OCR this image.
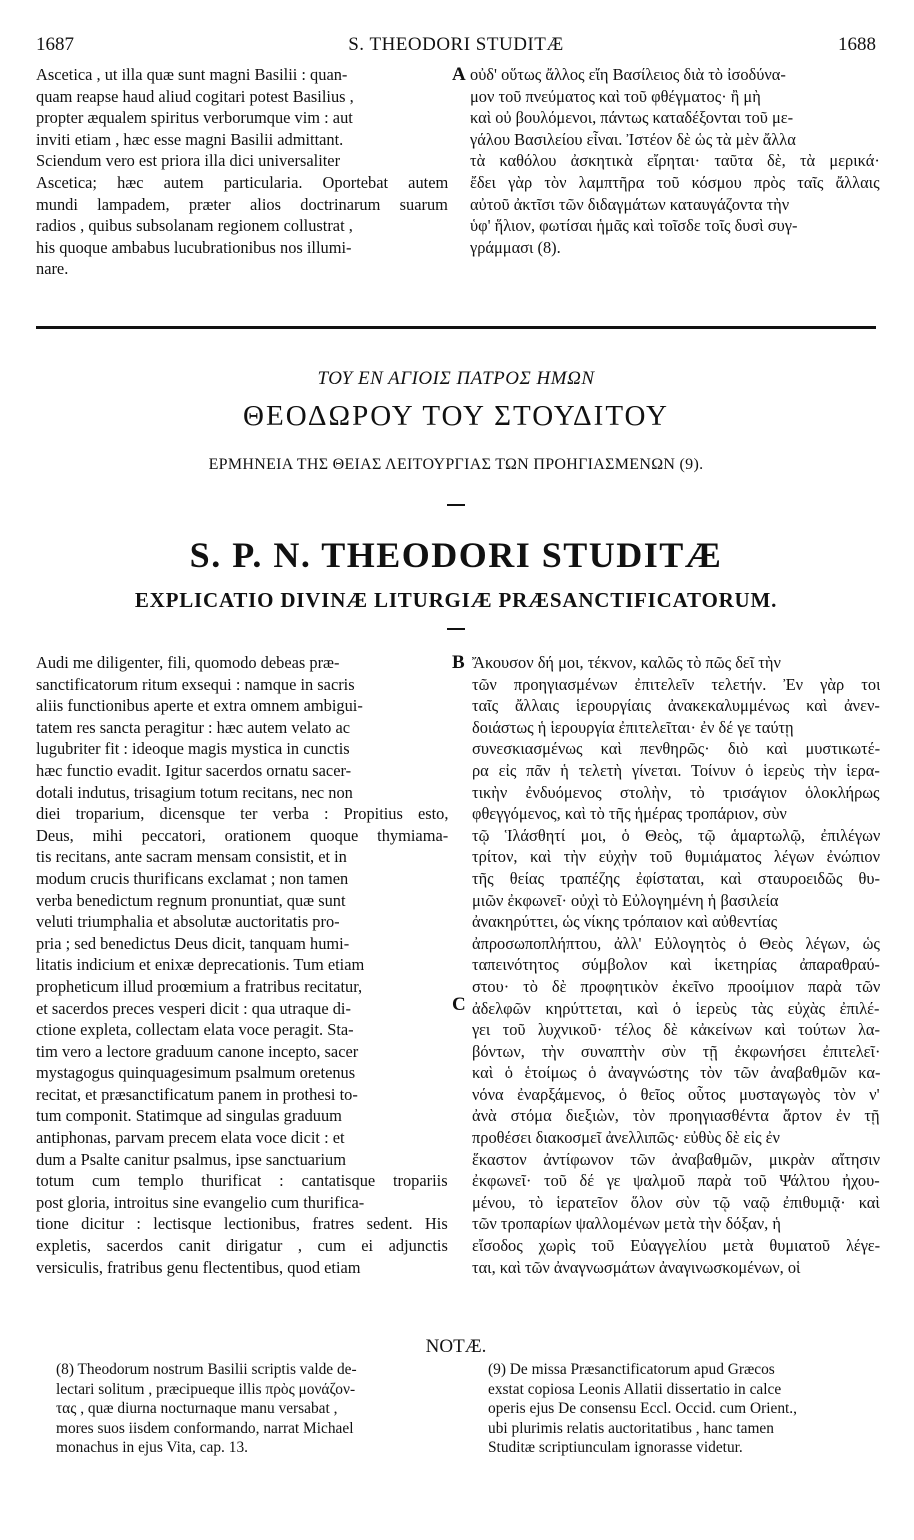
1687	S. THEODORI STUDITÆ	1688
Ascetica , ut illa quæ sunt magni Basilii : quan-
quam reapse haud aliud cogitari potest Basilius ,
propter æqualem spiritus verborumque vim : aut
inviti etiam , hæc esse magni Basilii admittant.
Sciendum vero est priora illa dici universaliter
Ascetica; hæc autem particularia. Oportebat autem
mundi lampadem, præter alios doctrinarum suarum
radios , quibus subsolanam regionem collustrat ,
his quoque ambabus lucubrationibus nos illumi-
nare.
A οὐδ' οὕτως ἄλλος εἴη Βασίλειος διὰ τὸ ἰσοδύνα-
μον τοῦ πνεύματος καὶ τοῦ φθέγματος· ἢ μὴ
καὶ οὐ βουλόμενοι, πάντως καταδέξονται τοῦ με-
γάλου Βασιλείου εἶναι. Ἰστέον δὲ ὡς τὰ μὲν ἄλλα
τὰ καθόλου ἀσκητικὰ εἴρηται· ταῦτα δὲ, τὰ μερικά·
ἔδει γὰρ τὸν λαμπτῆρα τοῦ κόσμου πρὸς ταῖς ἄλλαις
αὐτοῦ ἀκτῖσι τῶν διδαγμάτων καταυγάζοντα τὴν
ὑφ' ἥλιον, φωτίσαι ἡμᾶς καὶ τοῖσδε τοῖς δυσὶ συγ-
γράμμασι (8).
ΤΟΥ ΕΝ ΑΓΙΟΙΣ ΠΑΤΡΟΣ ΗΜΩΝ
ΘΕΟΔΩΡΟΥ ΤΟΥ ΣΤΟΥΔΙΤΟΥ
ΕΡΜΗΝΕΙΑ ΤΗΣ ΘΕΙΑΣ ΛΕΙΤΟΥΡΓΙΑΣ ΤΩΝ ΠΡΟΗΓΙΑΣΜΕΝΩΝ (9).
S. P. N. THEODORI STUDITÆ
EXPLICATIO DIVINÆ LITURGIÆ PRÆSANCTIFICATORUM.
Audi me diligenter, fili, quomodo debeas præ-
sanctificatorum ritum exsequi : namque in sacris
aliis functionibus aperte et extra omnem ambigui-
tatem res sancta peragitur : hæc autem velato ac
lugubriter fit : ideoque magis mystica in cunctis
hæc functio evadit. Igitur sacerdos ornatu sacer-
dotali indutus, trisagium totum recitans, nec non
diei troparium, dicensque ter verba : Propitius esto,
Deus, mihi peccatori, orationem quoque thymiama-
tis recitans, ante sacram mensam consistit, et in
modum crucis thurificans exclamat ; non tamen
verba benedictum regnum pronuntiat, quæ sunt
veluti triumphalia et absolutæ auctoritatis pro-
pria ; sed benedictus Deus dicit, tanquam humi-
litatis indicium et enixæ deprecationis. Tum etiam
propheticum illud proœmium a fratribus recitatur,
et sacerdos preces vesperi dicit : qua utraque di-
ctione expleta, collectam elata voce peragit. Sta-
tim vero a lectore graduum canone incepto, sacer
mystagogus quinquagesimum psalmum oretenus
recitat, et præsanctificatum panem in prothesi to-
tum componit. Statimque ad singulas graduum
antiphonas, parvam precem elata voce dicit : et
dum a Psalte canitur psalmus, ipse sanctuarium
totum cum templo thurificat : cantatisque tropariis
post gloria, introitus sine evangelio cum thurifica-
tione dicitur : lectisque lectionibus, fratres sedent. His
expletis, sacerdos canit dirigatur , cum ei adjunctis
versiculis, fratribus genu flectentibus, quod etiam
B
C
Ἄκουσον δή μοι, τέκνον, καλῶς τὸ πῶς δεῖ τὴν
τῶν προηγιασμένων ἐπιτελεῖν τελετήν. Ἐν γὰρ τοι
ταῖς ἄλλαις ἱερουργίαις ἀνακεκαλυμμένως καὶ ἀνεν-
δοιάστως ἡ ἱερουργία ἐπιτελεῖται· ἐν δέ γε ταύτῃ
συνεσκιασμένως καὶ πενθηρῶς· διὸ καὶ μυστικωτέ-
ρα εἰς πᾶν ἡ τελετὴ γίνεται. Τοίνυν ὁ ἱερεὺς τὴν ἱερα-
τικὴν ἐνδυόμενος στολὴν, τὸ τρισάγιον ὁλοκλήρως
φθεγγόμενος, καὶ τὸ τῆς ἡμέρας τροπάριον, σὺν
τῷ Ἱλάσθητί μοι, ὁ Θεὸς, τῷ ἁμαρτωλῷ, ἐπιλέγων
τρίτον, καὶ τὴν εὐχὴν τοῦ θυμιάματος λέγων ἐνώπιον
τῆς θείας τραπέζης ἐφίσταται, καὶ σταυροειδῶς θυ-
μιῶν ἐκφωνεῖ· οὐχὶ τὸ Εὐλογημένη ἡ βασιλεία
ἀνακηρύττει, ὡς νίκης τρόπαιον καὶ αὐθεντίας
ἀπροσωποπλήπτου, ἀλλ' Εὐλογητὸς ὁ Θεὸς λέγων, ὡς
ταπεινότητος σύμβολον καὶ ἱκετηρίας ἀπαραθραύ-
στου· τὸ δὲ προφητικὸν ἐκεῖνο προοίμιον παρὰ τῶν
ἀδελφῶν κηρύττεται, καὶ ὁ ἱερεὺς τὰς εὐχὰς ἐπιλέ-
γει τοῦ λυχνικοῦ· τέλος δὲ κἀκείνων καὶ τούτων λα-
βόντων, τὴν συναπτὴν σὺν τῇ ἐκφωνήσει ἐπιτελεῖ·
καὶ ὁ ἑτοίμως ὁ ἀναγνώστης τὸν τῶν ἀναβαθμῶν κα-
νόνα ἐναρξάμενος, ὁ θεῖος οὗτος μυσταγωγὸς τὸν ν'
ἀνὰ στόμα διεξιὼν, τὸν προηγιασθέντα ἄρτον ἐν τῇ
προθέσει διακοσμεῖ ἀνελλιπῶς· εὐθὺς δὲ εἰς ἐν
ἕκαστον ἀντίφωνον τῶν ἀναβαθμῶν, μικρὰν αἴτησιν
ἐκφωνεῖ· τοῦ δέ γε ψαλμοῦ παρὰ τοῦ Ψάλτου ἠχου-
μένου, τὸ ἱερατεῖον ὅλον σὺν τῷ ναῷ ἐπιθυμιᾷ· καὶ
τῶν τροπαρίων ψαλλομένων μετὰ τὴν δόξαν, ἡ
εἴσοδος χωρὶς τοῦ Εὐαγγελίου μετὰ θυμιατοῦ λέγε-
ται, καὶ τῶν ἀναγνωσμάτων ἀναγινωσκομένων, οἱ
NOTÆ.
(8) Theodorum nostrum Basilii scriptis valde de-
lectari solitum , præcipueque illis πρὸς μονάζον-
τας , quæ diurna nocturnaque manu versabat ,
mores suos iisdem conformando, narrat Michael
monachus in ejus Vita, cap. 13.
(9) De missa Præsanctificatorum apud Græcos
exstat copiosa Leonis Allatii dissertatio in calce
operis ejus De consensu Eccl. Occid. cum Orient.,
ubi plurimis relatis auctoritatibus , hanc tamen
Studitæ scriptiunculam ignorasse videtur.
